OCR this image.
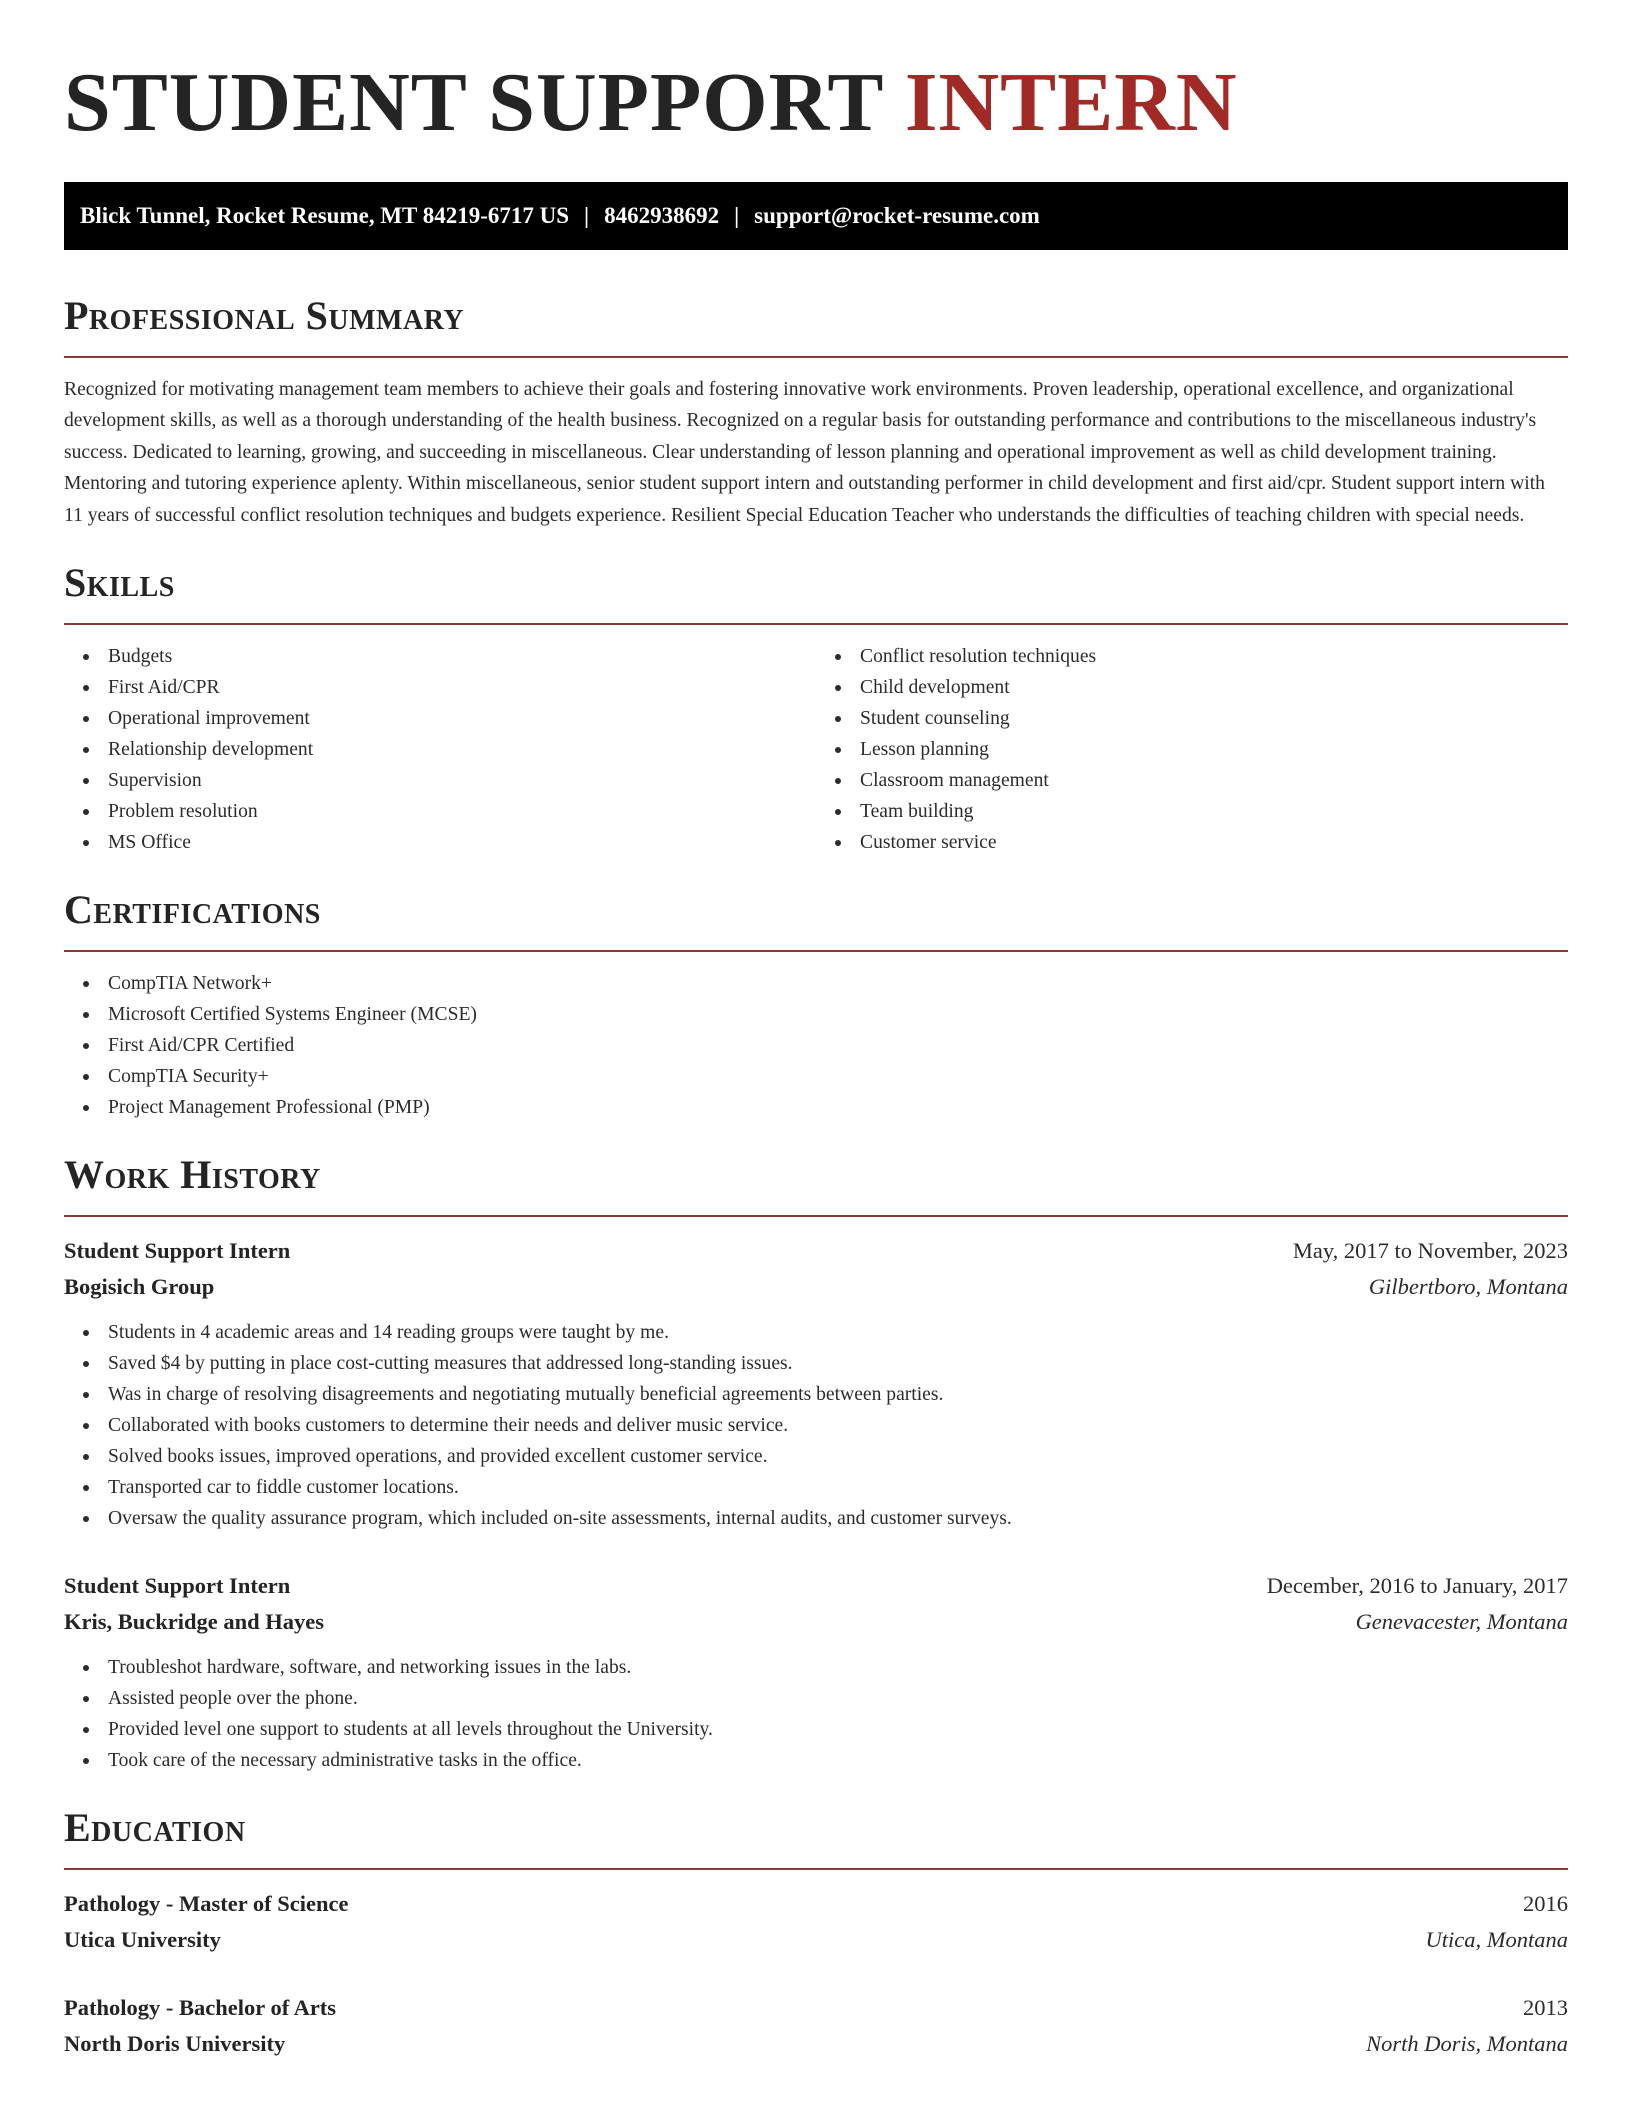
STUDENT SUPPORT INTERN
Blick Tunnel, Rocket Resume, MT 84219-6717 US | 8462938692 | support@rocket-resume.com
Professional Summary

Recognized for motivating management team members to achieve their goals and fostering innovative work environments. Proven leadership, operational excellence, and organizational development skills, as well as a thorough understanding of the health business. Recognized on a regular basis for outstanding performance and contributions to the miscellaneous industry's success. Dedicated to learning, growing, and succeeding in miscellaneous. Clear understanding of lesson planning and operational improvement as well as child development training. Mentoring and tutoring experience aplenty. Within miscellaneous, senior student support intern and outstanding performer in child development and first aid/cpr. Student support intern with 11 years of successful conflict resolution techniques and budgets experience. Resilient Special Education Teacher who understands the difficulties of teaching children with special needs.

Skills
Budgets
First Aid/CPR
Operational improvement
Relationship development
Supervision
Problem resolution
MS Office
Conflict resolution techniques
Child development
Student counseling
Lesson planning
Classroom management
Team building
Customer service
Certifications
CompTIA Network+
Microsoft Certified Systems Engineer (MCSE)
First Aid/CPR Certified
CompTIA Security+
Project Management Professional (PMP)
Work History
Student Support Intern	May, 2017 to November, 2023
Bogisich Group	Gilbertboro, Montana
Students in 4 academic areas and 14 reading groups were taught by me.
Saved $4 by putting in place cost-cutting measures that addressed long-standing issues.
Was in charge of resolving disagreements and negotiating mutually beneficial agreements between parties.
Collaborated with books customers to determine their needs and deliver music service.
Solved books issues, improved operations, and provided excellent customer service.
Transported car to fiddle customer locations.
Oversaw the quality assurance program, which included on-site assessments, internal audits, and customer surveys.
Student Support Intern	December, 2016 to January, 2017
Kris, Buckridge and Hayes	Genevacester, Montana
Troubleshot hardware, software, and networking issues in the labs.
Assisted people over the phone.
Provided level one support to students at all levels throughout the University.
Took care of the necessary administrative tasks in the office.
Education
Pathology - Master of Science	2016
Utica University	Utica, Montana
Pathology - Bachelor of Arts	2013
North Doris University	North Doris, Montana
